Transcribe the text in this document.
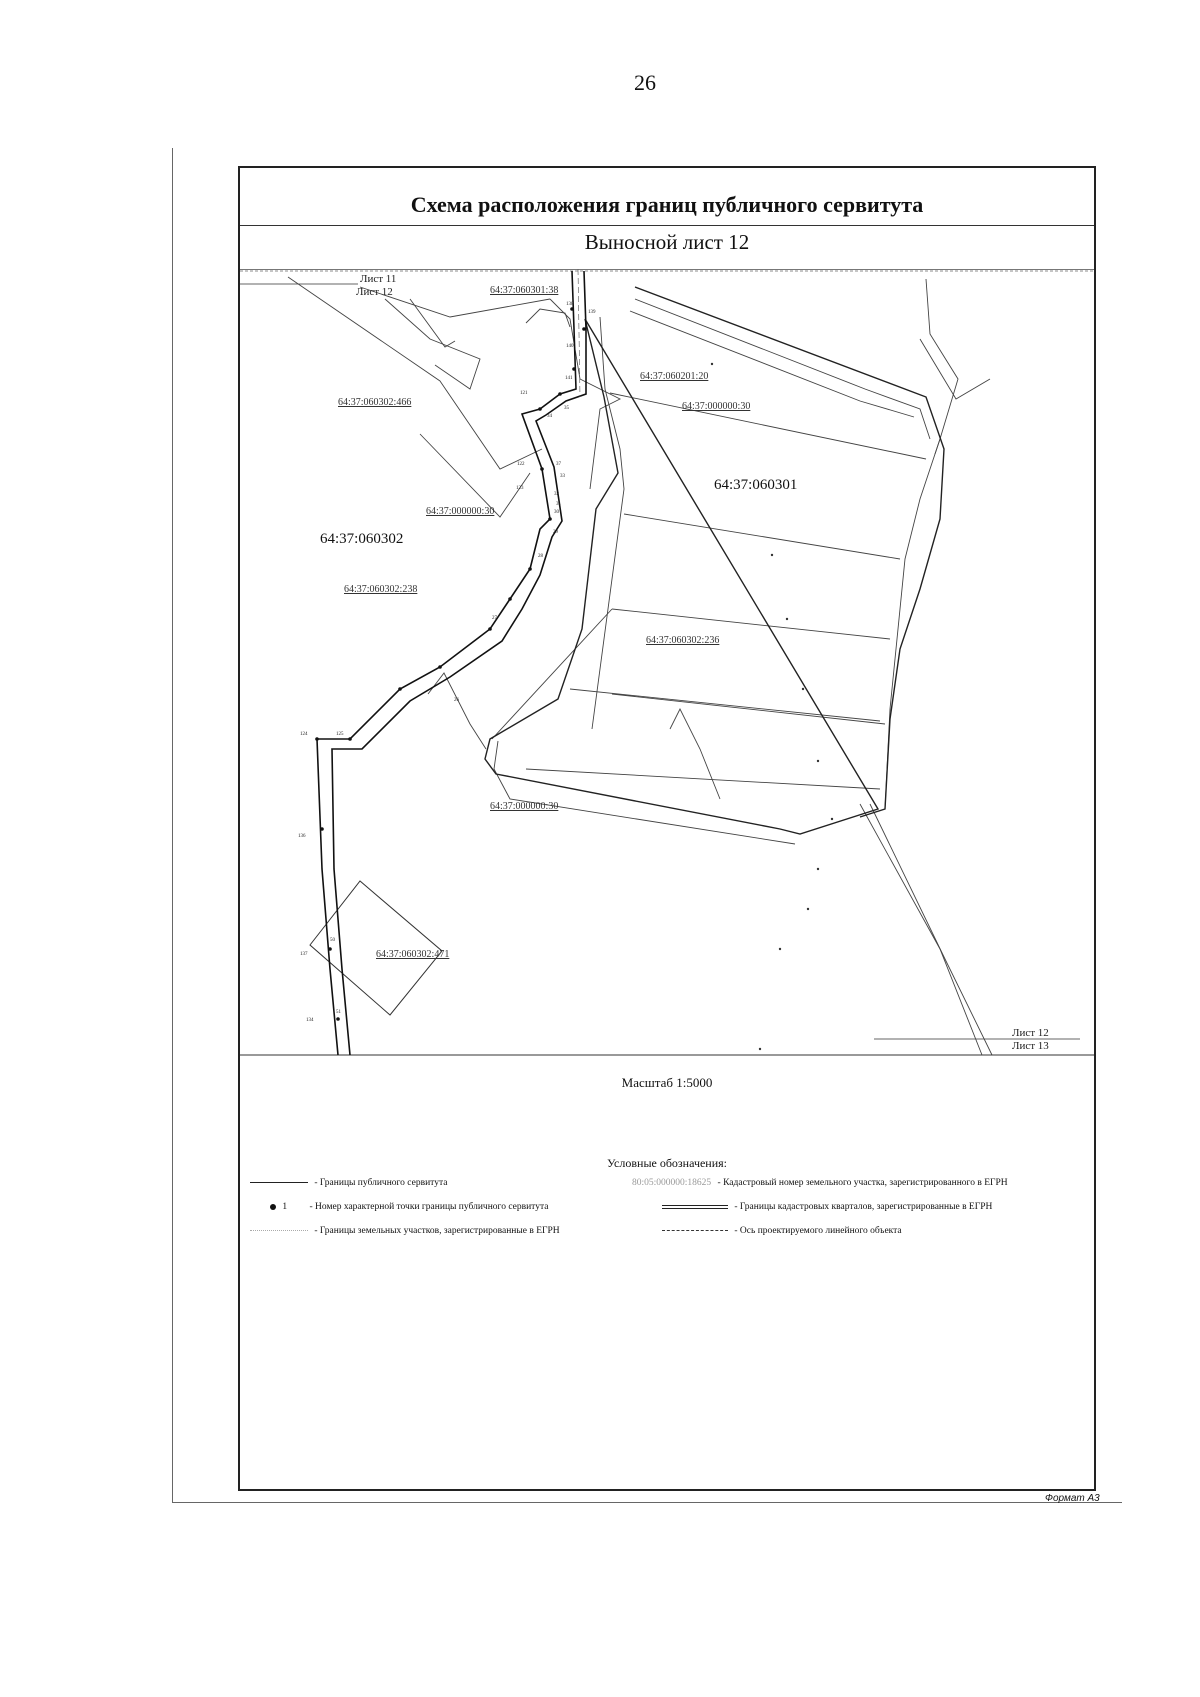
26
Схема расположения границ публичного сервитута
Выносной лист 12
138
139
140
141
35
34
37
33
32
31
30
29
28
27
26
121
122
123
124	125
136
137
134
50
51
Лист 11
Лист 12
Лист 12
Лист 13
64:37:060301:38
64:37:060201:20
64:37:060302:466	64:37:000000:30
64:37:000000:30
64:37:060302:238
64:37:060302:236
64:37:000000:30
64:37:060302:471
64:37:060301
64:37:060302
Масштаб 1:5000
Условные обозначения:
- Границы публичного сервитута
1 - Номер характерной точки границы публичного сервитута
- Границы земельных участков, зарегистрированные в ЕГРН
80:05:000000:18625 - Кадастровый номер земельного участка, зарегистрированного в ЕГРН
- Границы кадастровых кварталов, зарегистрированные в ЕГРН
- Ось проектируемого линейного объекта
Формат А3
